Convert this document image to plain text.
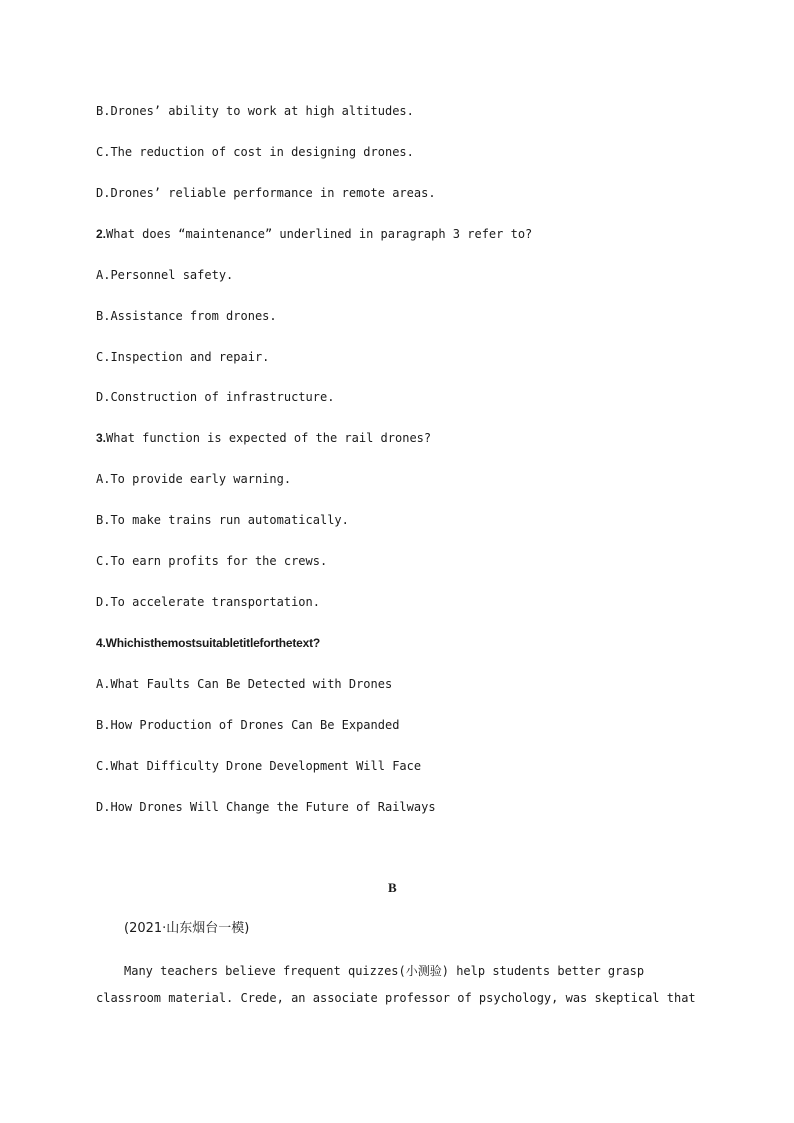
B.Drones’ ability to work at high altitudes.

C.The reduction of cost in designing drones.

D.Drones’ reliable performance in remote areas.

2.What does “maintenance” underlined in paragraph 3 refer to?

A.Personnel safety.

B.Assistance from drones.

C.Inspection and repair.

D.Construction of infrastructure.

3.What function is expected of the rail drones?

A.To provide early warning.

B.To make trains run automatically.

C.To earn profits for the crews.

D.To accelerate transportation.

4.Whichisthemostsuitabletitleforthetext?

A.What Faults Can Be Detected with Drones

B.How Production of Drones Can Be Expanded

C.What Difficulty Drone Development Will Face

D.How Drones Will Change the Future of Railways

B

(2021·山东烟台一模)

Many teachers believe frequent quizzes(小测验) help students better grasp

classroom material. Crede, an associate professor of psychology, was skeptical that
